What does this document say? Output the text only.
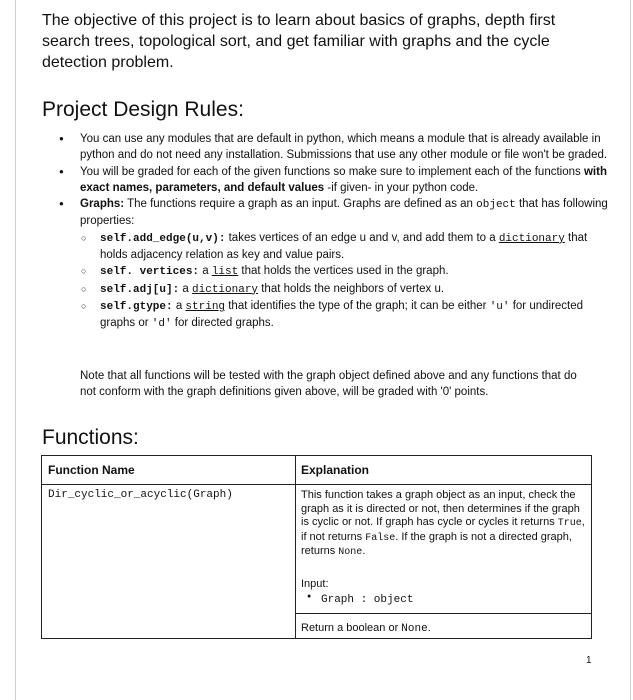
The objective of this project is to learn about basics of graphs, depth first search trees, topological sort, and get familiar with graphs and the cycle detection problem.
Project Design Rules:
● You can use any modules that are default in python, which means a module that is already available in python and do not need any installation. Submissions that use any other module or file won't be graded.
● You will be graded for each of the given functions so make sure to implement each of the functions with exact names, parameters, and default values -if given- in your python code.
● Graphs: The functions require a graph as an input. Graphs are defined as an object that has following properties:
○ self.add_edge(u,v): takes vertices of an edge u and v, and add them to a dictionary that holds adjacency relation as key and value pairs.
○ self. vertices: a list that holds the vertices used in the graph.
○ self.adj[u]: a dictionary that holds the neighbors of vertex u.
○ self.gtype: a string that identifies the type of the graph; it can be either 'u' for undirected graphs or 'd' for directed graphs.
Note that all functions will be tested with the graph object defined above and any functions that do not conform with the graph definitions given above, will be graded with '0' points.
Functions:
Function Name	Explanation
Dir_cyclic_or_acyclic(Graph)	This function takes a graph object as an input, check the graph as it is directed or not, then determines if the graph is cyclic or not. If graph has cycle or cycles it returns True, if not returns False. If the graph is not a directed graph, returns None.
Input:
● Graph : object
Return a boolean or None.
1
